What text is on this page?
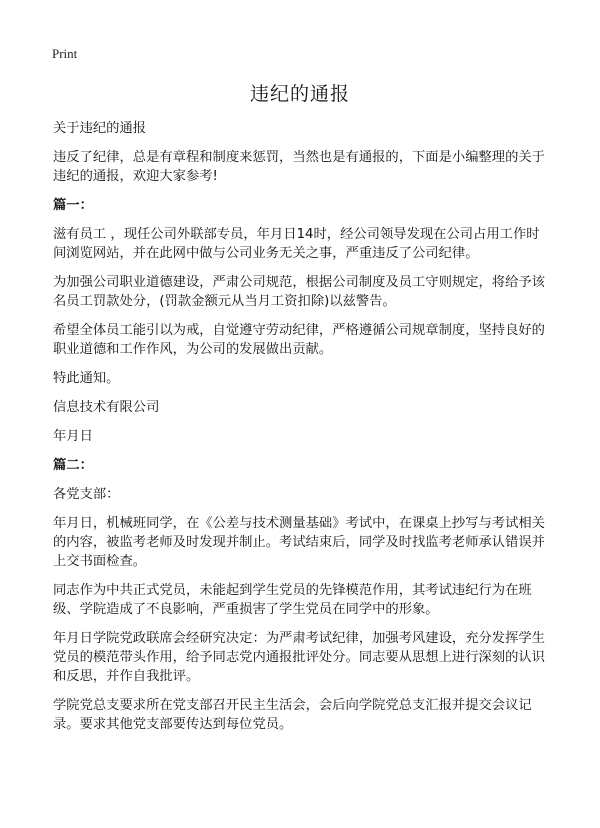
Print
违纪的通报

关于违纪的通报

违反了纪律，总是有章程和制度来惩罚，当然也是有通报的，下面是小编整理的关于违纪的通报，欢迎大家参考!

篇一：

滋有员工 ，现任公司外联部专员，年月日14时，经公司领导发现在公司占用工作时间浏览网站，并在此网中做与公司业务无关之事，严重违反了公司纪律。

为加强公司职业道德建设，严肃公司规范，根据公司制度及员工守则规定，将给予该名员工罚款处分，(罚款金额元从当月工资扣除)以兹警告。

希望全体员工能引以为戒，自觉遵守劳动纪律，严格遵循公司规章制度，坚持良好的职业道德和工作作风，为公司的发展做出贡献。

特此通知。

信息技术有限公司

年月日

篇二：

各党支部：

年月日，机械班同学，在《公差与技术测量基础》考试中，在课桌上抄写与考试相关的内容，被监考老师及时发现并制止。考试结束后，同学及时找监考老师承认错误并上交书面检查。

同志作为中共正式党员，未能起到学生党员的先锋模范作用，其考试违纪行为在班级、学院造成了不良影响，严重损害了学生党员在同学中的形象。

年月日学院党政联席会经研究决定：为严肃考试纪律，加强考风建设，充分发挥学生党员的模范带头作用，给予同志党内通报批评处分。同志要从思想上进行深刻的认识和反思，并作自我批评。

学院党总支要求所在党支部召开民主生活会，会后向学院党总支汇报并提交会议记录。要求其他党支部要传达到每位党员。
